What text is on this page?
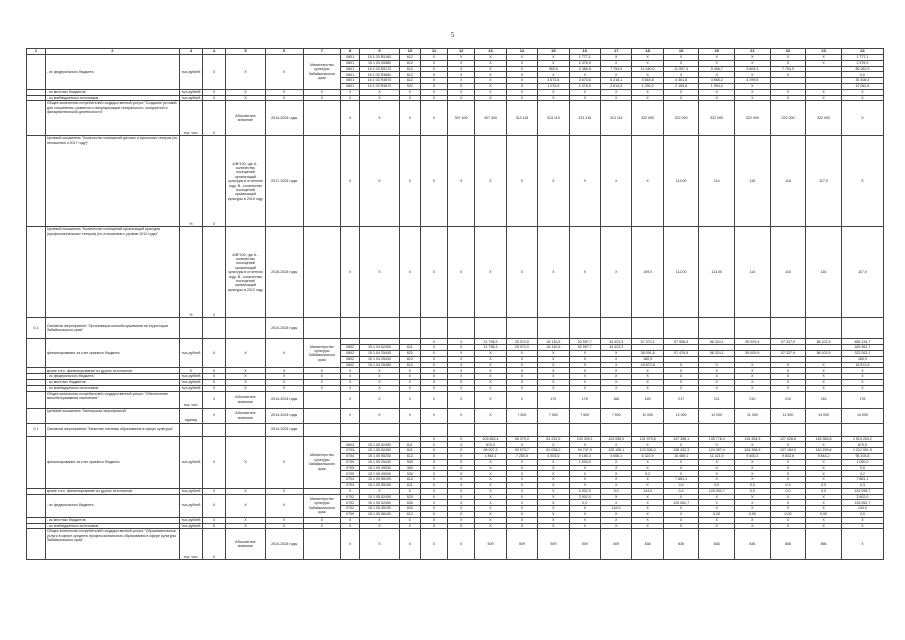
5
1	2	3	4	5	6	7	8	9	10	11	12	13	14	15	16	17	18	19	20	21	22	23	24
	- из федерального бюджета	тыс.рублей	Х	Х	Х	Министерство культуры Забайкальского края	0801	15 1 03 R5160	612	Х	Х	Х	Х	Х	1 777,1	Х	Х	Х	Х	Х	Х	Х	1 777,1
							0801	15 1 03 05580	612	Х	Х	Х	Х	Х	2 476,9	Х	Х	Х	Х	Х	Х	Х	2 476,9
							0801	15 1 03 R5170	612	Х	Х	Х	Х	963,9	2 486,5	7 754,0	11 440,0	11 597,3	9 456,7	9 609,3	7 754,0		80 262,9
							0801	15 1 03 R4660	612	Х	Х	Х	Х	Х	Х	Х	Х	Х	Х	Х	Х		0,0
							0801	15 1 03 R4670	612	Х	Х	Х	Х	3 673,6	3 673,6	6 218,1	3 664,8	4 361,8	4 665,2	4 299,5			30 406,4
							0801	15 1 03 R4670	522	Х	Х	Х	Х	1 076,5	1 076,5	2 614,9	1 290,2	2 155,6	1 994,4	Х			12 062,8
	- из местных бюджетов	тыс.рублей	Х	Х	Х	Х	Х	Х	Х	Х	Х	Х	Х	Х	Х	Х	Х	Х	Х	Х	Х	Х	Х
	- из внебюджетных источников	тыс.рублей	Х	Х	Х	Х	Х	Х	Х	Х	Х	Х	Х	Х	Х	Х	Х	Х	Х	Х	Х	Х	Х
	Общее количество потребителей государственной услуги "Создание условий для сохранения, развития и популяризации театрального, концертной и филармонической деятельности"	тыс. чел.	Х	Абсолютное значение	2014-2024 годы		Х	Х	Х	Х	307 400	307 400	313 115	313 115	313 115	313 115	322 000	322 000	322 000	322 000	322 000	322 000	Х
	Целевой показатель "Количество посещений детских и кукольных театров (по отношению к 2017 году)"	%	Х	А/В*100, где А - количество посещений организаций культуры в отчетном году; В - количество посещений организаций культуры в 2010 году	2017-2024 годы		Х	Х	Х	Х	Х	Х	Х	Х	Х	Х	Х	113,00	114	115	116	117,0	Х
	Целевой показатель "Количество посещений организаций культуры (профессиональных театров) (по отношению к уровню 2012 года)"	%	Х	А/В*100, где А - количество посещений организаций культуры в отчетном году; В - количество посещений организаций культуры в 2012 году	2018-2024 годы		Х	Х	Х	Х	Х	Х	Х	Х	Х	Х	109,0	112,00	113,00	114	115	116	117,0
0,1	Основное мероприятие "Организация кинообслуживания на территории Забайкальского края"				2014-2024 годы																		
	финансирование за счет краевого бюджета	тыс.рублей	Х	Х	Х	Министерство культуры Забайкальского края				Х	Х	21 798,3	25 072,0	18 130,5	52 597,7	34 423,3	57 573,1	57 556,4	56 324,1	55 929,9	57 337,9	58 102,5	485 134,7
							0802	15 1 04 52450	611	Х	Х	21 798,3	25 072,0	18 130,5	52 597,7	34 423,3							185 961,7
							0802	15 1 04 25400	621	Х	Х	Х	Х	Х	Х	Х	38 091,8	57 476,9	56 324,1	55 929,9	57 337,9	58 102,5	323 263,1
							0802	15 1 04 25430	612	Х	Х	Х	Х	Х	Х	Х	180,9						180,9
							0802	15 1 04 25450	612	Х	Х	Х	Х	Х	Х	Х	18 872,8	Х	Х	Х	Х	Х	18 872,8
	кроме того, финансирование из других источников:	Х	Х	Х	Х	Х	Х	Х	Х	Х	Х	Х	Х	Х	Х	Х	Х	Х	Х	Х	Х	Х	Х
	- из федерального бюджета	тыс.рублей	Х	Х	Х	Х	Х	Х	Х	Х	Х	Х	Х	Х	Х	Х	Х	Х	Х	Х	Х	Х	Х
	- из местных бюджетов	тыс.рублей	Х	Х	Х	Х	Х	Х	Х	Х	Х	Х	Х	Х	Х	Х	Х	Х	Х	Х	Х	Х	Х
	- из внебюджетных источников	тыс.рублей	Х	Х	Х	Х	Х	Х	Х	Х	Х	Х	Х	Х	Х	Х	Х	Х	Х	Х	Х	Х	Х
	Общее количество потребителей государственной услуги "Обеспечение кинообслуживания населения"	тыс. чел.	Х	Абсолютное значение	2014-2024 годы		Х	Х	Х	Х	Х	Х	Х	172	176	168	180	217	211	210	210	216	178
	Целевой показатель "Кинопрокат мероприятий"	единиц	Х	Абсолютное значение	2014-2024 годы		Х	Х	Х	Х	Х	Х	7 500	7 500	7 500	7 500	12 000	12 000	12 000	11 000	11 500	14 000	14 900
0,1	Основное мероприятие "Качество системы образования в сфере культуры"				2014-2024 годы																		
	финансирование за счет краевого бюджета	тыс.рублей	Х	Х	Х	Министерство культуры Забайкальского края				Х	Х	103 663,4	98 379,0	81 231,5	103 339,1	124 058,0	131 979,8	147 358,1	135 778,4	134 354,3	127 028,6	145 383,8	1 519 264,2
							0804	15 1 05 52450	611	Х	Х	670,0	Х	Х	Х	Х	Х	Х	Х	Х	Х	Х	670,0
							0704	15 1 05 52450	611	Х	Х	96 007,3	93 973,7	81 028,0	94 747,9	125 155,1	123 506,3	138 432,3	124 357,4	104 356,9	107 184,0	140 299,6	1 212 901,9
							0704	15 1 05 55200	612	Х	Х	1 864,1	7 250,5	6 503,5	9 180,3	4 006,1	6 322,9	10 466,1	11 421,0	9 400,2	9 843,6	9 844,2	95 105,8
							0709	15 1 05 25430	530	Х	Х	Х	Х	Х	1 000,0	Х	Х	Х	Х	Х	Х	Х	1 000,0
							0705	15 1 05 49030	360	Х	Х	Х	Х	Х	Х	Х	Х	Х	Х	Х	Х	Х	0,0
							0705	15 1 05 49030	530	Х	Х	Х	Х	Х	Х	Х	9,2	Х	Х	Х	Х	Х	9,2
							0704	15 1 05 55190	612	Х	Х	Х	Х	Х	Х	Х	Х	7 881,1	Х	Х	Х	Х	7 881,1
							0704	15 1 05 55190	611	Х	Х	Х	Х	Х	Х	Х	Х	0,0	0,0	0,0	0,3	0,0	0,3
	кроме того, финансирование из других источников:	тыс.рублей	Х	Х	Х		Х	Х	Х	Х	Х	Х	Х	Х	3 902,0	0,0	144,0	0,0	125 052,7	0,0	0,0	0,0	129 098,7
	- из федерального бюджета	тыс.рублей	Х	Х	Х	Министерство культуры Забайкальского края	0702	15 1 05 52450	520	Х	Х	Х	Х	Х	3 902,0	Х	Х	Х	Х	Х	Х	Х	3 902,0
							0702	15 1 05 52450	530	Х	Х	Х	Х	Х	0,0	Х	Х	125 052,7	Х	Х	Х	Х	125 052,7
							0702	15 1 05 45190	530	Х	Х	Х	Х	Х	Х	144,0	Х	Х	Х	Х	Х	Х	144,0
							0709	15 1 05 56190	612	Х	Х	Х	Х	Х	Х	Х	Х	Х	0,00	0,00	0,00	0,00	0,0
	- из местных бюджетов	тыс.рублей	Х	Х	Х	Х	Х	Х	Х	Х	Х	Х	Х	Х	Х	Х	Х	Х	Х	Х	Х	Х	Х
	- из внебюджетных источников	тыс.рублей	Х	Х	Х	Х	Х	Х	Х	Х	Х	Х	Х	Х	Х	Х	Х	Х	Х	Х	Х	Х	Х
	Общее количество потребителей государственной услуги "Образовательные услуги в сфере среднего профессионального образования в сфере культуры Забайкальского края"	тыс. чел.	Х	Абсолютное значение	2014-2024 годы		Х	Х	Х	Х	Х	509	509	509	509	509	836	836	836	836	856	856	Х
